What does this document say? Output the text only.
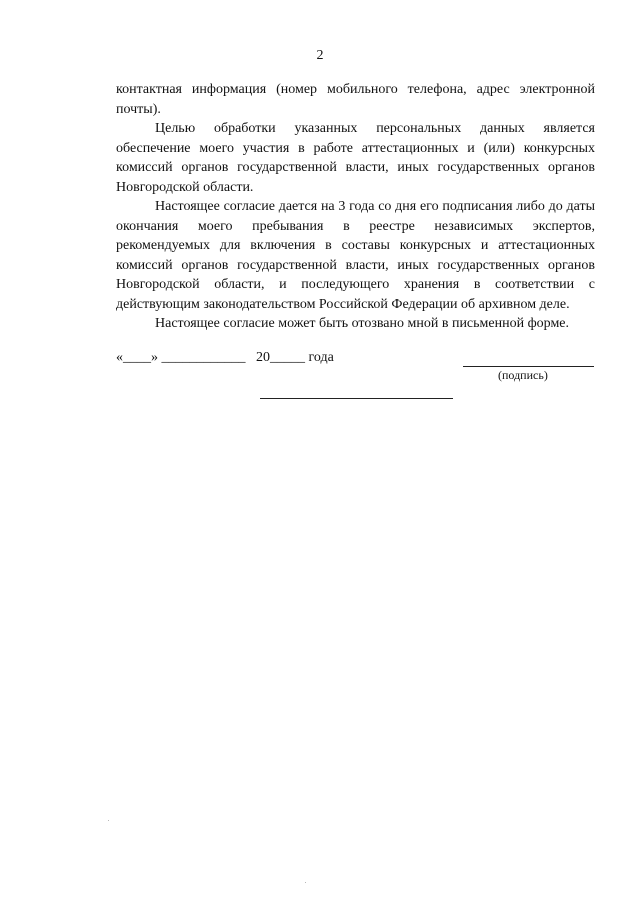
2

контактная информация (номер мобильного телефона, адрес электронной почты).

Целью обработки указанных персональных данных является обеспечение моего участия в работе аттестационных и (или) конкурсных комиссий органов государственной власти, иных государственных органов Новгородской области.

Настоящее согласие дается на 3 года со дня его подписания либо до даты окончания моего пребывания в реестре независимых экспертов, рекомендуемых для включения в составы конкурсных и аттестационных комиссий органов государственной власти, иных государственных органов Новгородской области, и последующего хранения в соответствии с действующим законодательством Российской Федерации об архивном деле.

Настоящее согласие может быть отозвано мной в письменной форме.

«____» ____________   20_____ года
(подпись)
